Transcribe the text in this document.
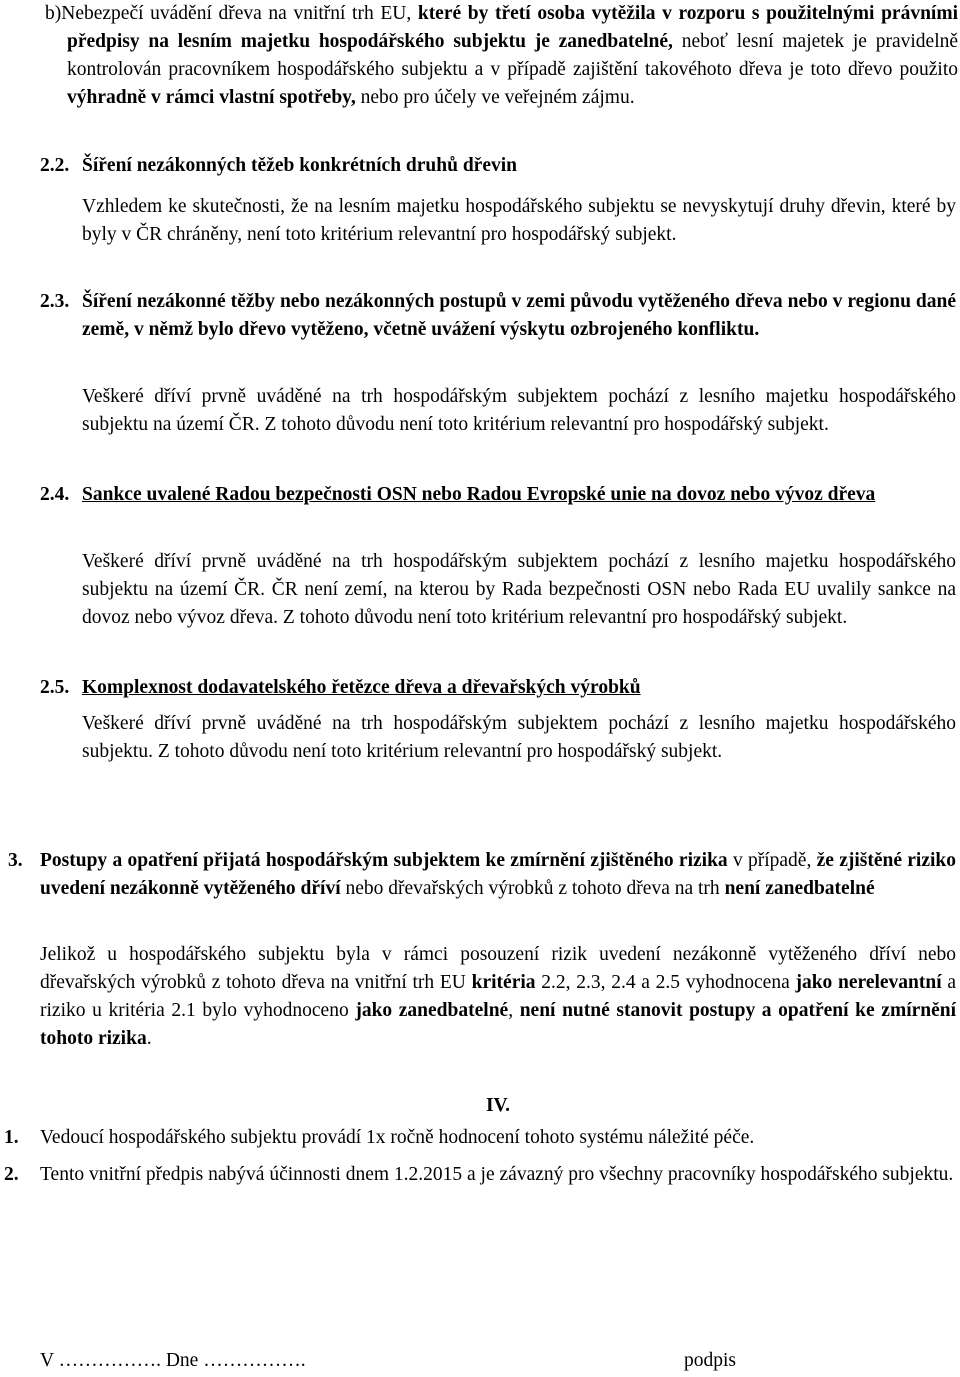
b)Nebezpečí uvádění dřeva na vnitřní trh EU, které by třetí osoba vytěžila v rozporu s použitelnými právními předpisy na lesním majetku hospodářského subjektu je zanedbatelné, neboť lesní majetek je pravidelně kontrolován pracovníkem hospodářského subjektu a v případě zajištění takovéhoto dřeva je toto dřevo použito výhradně v rámci vlastní spotřeby, nebo pro účely ve veřejném zájmu.

2.2. Šíření nezákonných těžeb konkrétních druhů dřevin

Vzhledem ke skutečnosti, že na lesním majetku hospodářského subjektu se nevyskytují druhy dřevin, které by byly v ČR chráněny, není toto kritérium relevantní pro hospodářský subjekt.

2.3. Šíření nezákonné těžby nebo nezákonných postupů v zemi původu vytěženého dřeva nebo v regionu dané země, v němž bylo dřevo vytěženo, včetně uvážení výskytu ozbrojeného konfliktu.

Veškeré dříví prvně uváděné na trh hospodářským subjektem pochází z lesního majetku hospodářského subjektu na území ČR. Z tohoto důvodu není toto kritérium relevantní pro hospodářský subjekt.

2.4. Sankce uvalené Radou bezpečnosti OSN nebo Radou Evropské unie na dovoz nebo vývoz dřeva

Veškeré dříví prvně uváděné na trh hospodářským subjektem pochází z lesního majetku hospodářského subjektu na území ČR. ČR není zemí, na kterou by Rada bezpečnosti OSN nebo Rada EU uvalily sankce na dovoz nebo vývoz dřeva. Z tohoto důvodu není toto kritérium relevantní pro hospodářský subjekt.

2.5. Komplexnost dodavatelského řetězce dřeva a dřevařských výrobků

Veškeré dříví prvně uváděné na trh hospodářským subjektem pochází z lesního majetku hospodářského subjektu. Z tohoto důvodu není toto kritérium relevantní pro hospodářský subjekt.

3. Postupy a opatření přijatá hospodářským subjektem ke zmírnění zjištěného rizika v případě, že zjištěné riziko uvedení nezákonně vytěženého dříví nebo dřevařských výrobků z tohoto dřeva na trh není zanedbatelné

Jelikož u hospodářského subjektu byla v rámci posouzení rizik uvedení nezákonně vytěženého dříví nebo dřevařských výrobků z tohoto dřeva na vnitřní trh EU kritéria 2.2, 2.3, 2.4 a 2.5 vyhodnocena jako nerelevantní a riziko u kritéria 2.1 bylo vyhodnoceno jako zanedbatelné, není nutné stanovit postupy a opatření ke zmírnění tohoto rizika.

IV.
1. Vedoucí hospodářského subjektu provádí 1x ročně hodnocení tohoto systému náležité péče.
2. Tento vnitřní předpis nabývá účinnosti dnem 1.2.2015 a je závazný pro všechny pracovníky hospodářského subjektu.
V ……………. Dne …………….	podpis
